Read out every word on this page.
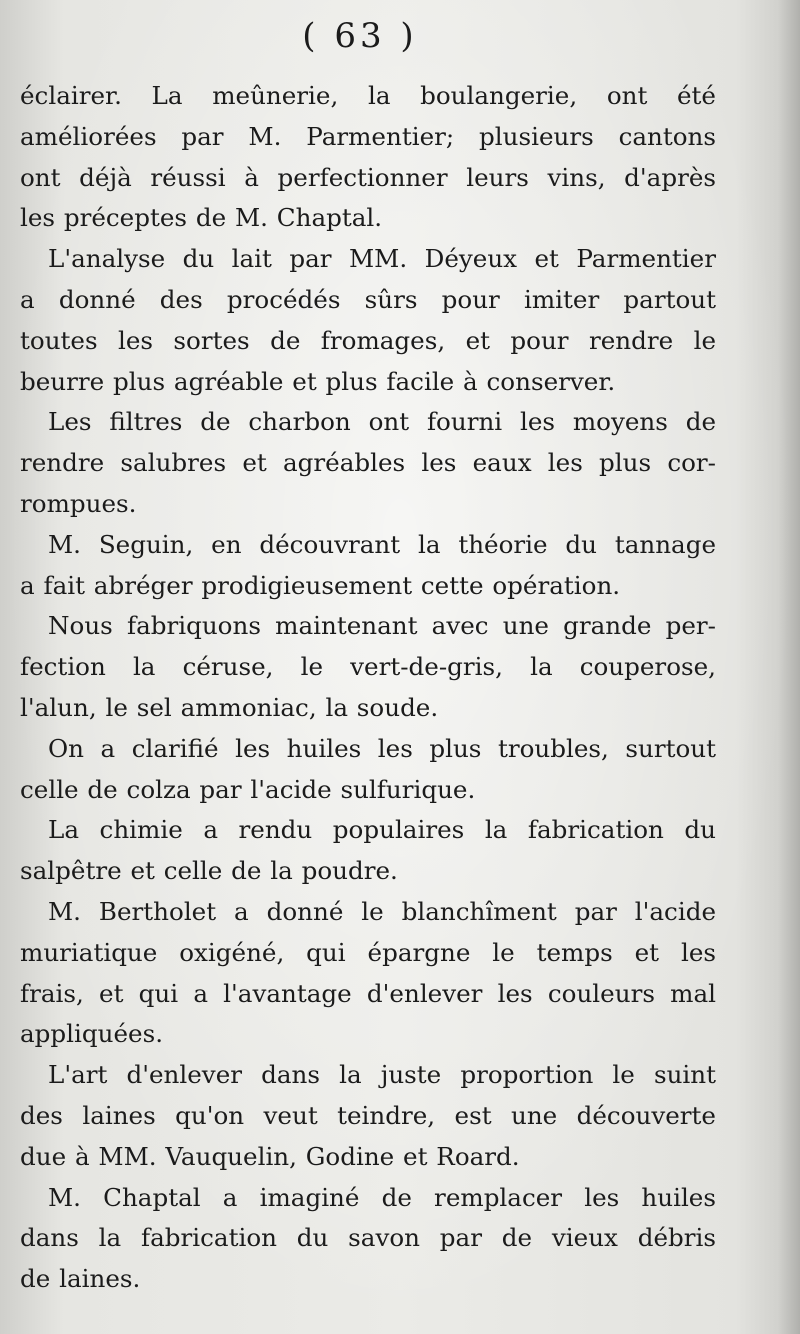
( 63 )
éclairer. La meûnerie, la boulangerie, ont été
améliorées par M. Parmentier; plusieurs cantons
ont déjà réussi à perfectionner leurs vins, d'après
les préceptes de M. Chaptal.
L'analyse du lait par MM. Déyeux et Parmentier
a donné des procédés sûrs pour imiter partout
toutes les sortes de fromages, et pour rendre le
beurre plus agréable et plus facile à conserver.
Les filtres de charbon ont fourni les moyens de
rendre salubres et agréables les eaux les plus cor-
rompues.
M. Seguin, en découvrant la théorie du tannage
a fait abréger prodigieusement cette opération.
Nous fabriquons maintenant avec une grande per-
fection la céruse, le vert-de-gris, la couperose,
l'alun, le sel ammoniac, la soude.
On a clarifié les huiles les plus troubles, surtout
celle de colza par l'acide sulfurique.
La chimie a rendu populaires la fabrication du
salpêtre et celle de la poudre.
M. Bertholet a donné le blanchîment par l'acide
muriatique oxigéné, qui épargne le temps et les
frais, et qui a l'avantage d'enlever les couleurs mal
appliquées.
L'art d'enlever dans la juste proportion le suint
des laines qu'on veut teindre, est une découverte
due à MM. Vauquelin, Godine et Roard.
M. Chaptal a imaginé de remplacer les huiles
dans la fabrication du savon par de vieux débris
de laines.
